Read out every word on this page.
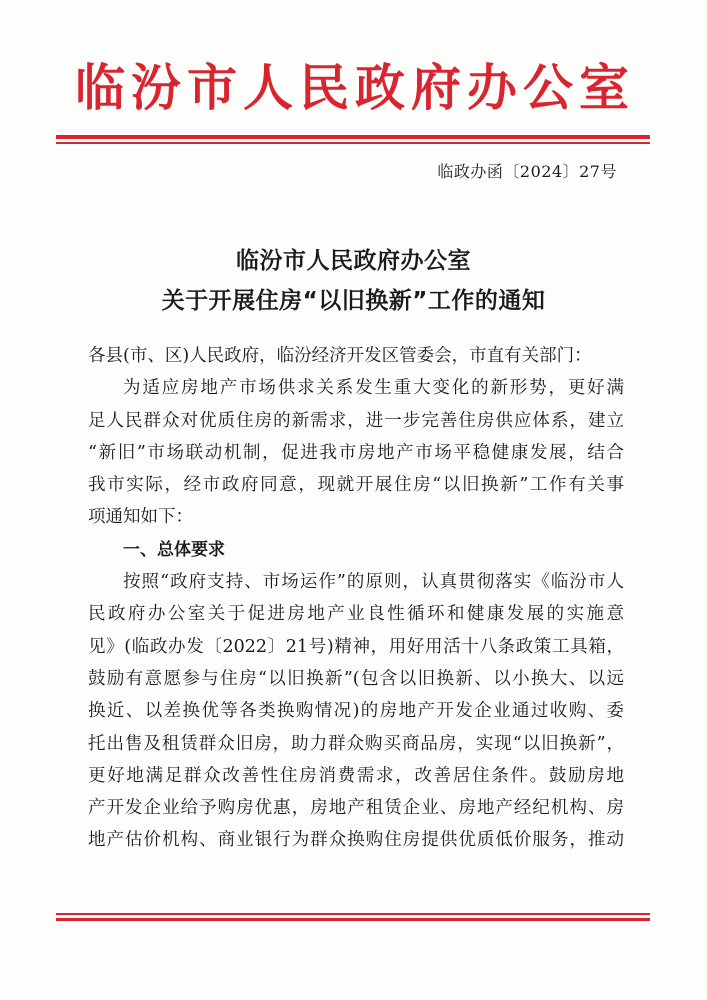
临汾市人民政府办公室
临政办函〔2024〕27号
临汾市人民政府办公室
关于开展住房“以旧换新”工作的通知
各县(市、区)人民政府，临汾经济开发区管委会，市直有关部门：
为适应房地产市场供求关系发生重大变化的新形势，更好满
足人民群众对优质住房的新需求，进一步完善住房供应体系，建立
“新旧”市场联动机制，促进我市房地产市场平稳健康发展，结合
我市实际，经市政府同意，现就开展住房“以旧换新”工作有关事
项通知如下：
一、总体要求
按照“政府支持、市场运作”的原则，认真贯彻落实《临汾市人
民政府办公室关于促进房地产业良性循环和健康发展的实施意
见》(临政办发〔2022〕21号)精神，用好用活十八条政策工具箱，
鼓励有意愿参与住房“以旧换新”(包含以旧换新、以小换大、以远
换近、以差换优等各类换购情况)的房地产开发企业通过收购、委
托出售及租赁群众旧房，助力群众购买商品房，实现“以旧换新”，
更好地满足群众改善性住房消费需求，改善居住条件。鼓励房地
产开发企业给予购房优惠，房地产租赁企业、房地产经纪机构、房
地产估价机构、商业银行为群众换购住房提供优质低价服务，推动
